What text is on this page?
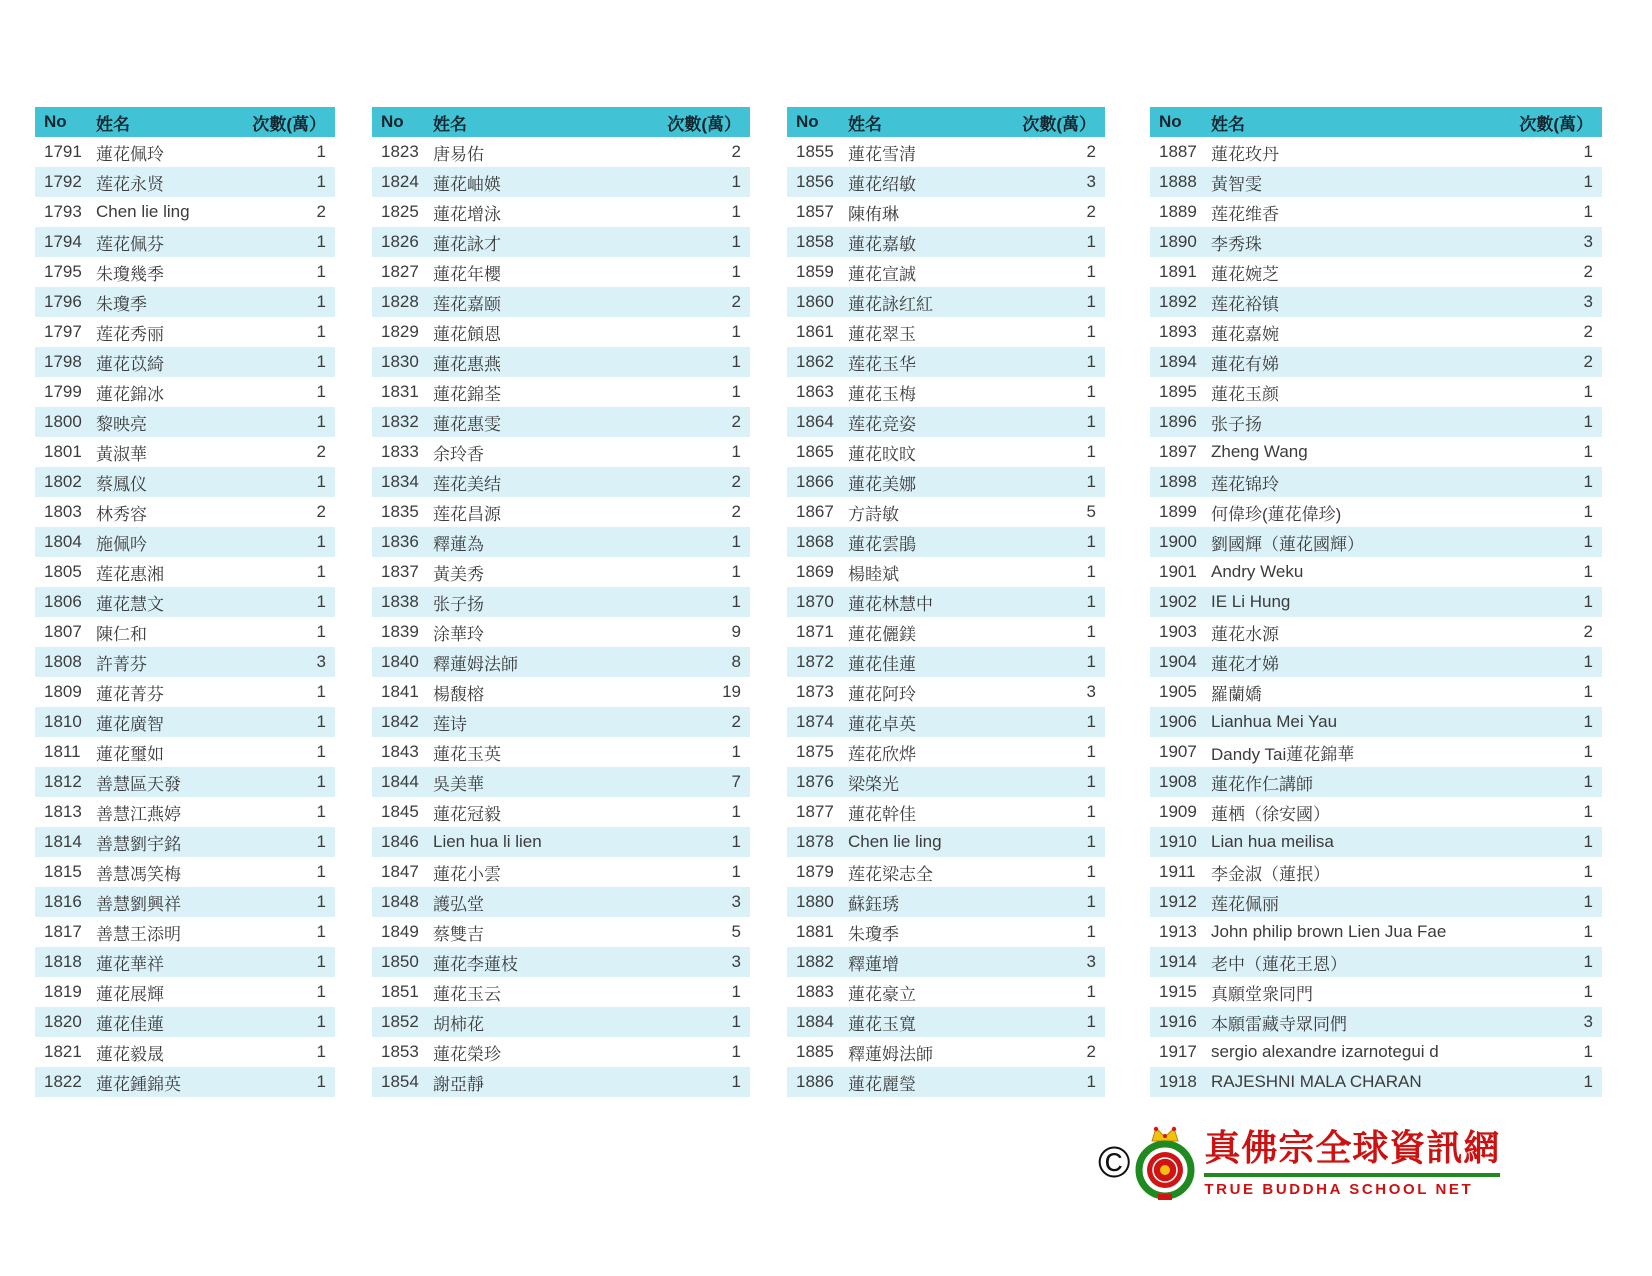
No	姓名	次數(萬）
1791 蓮花佩玲	1
1792 莲花永贤	1
1793 Chen lie ling	2
1794 莲花佩芬	1
1795 朱瓊幾季	1
1796 朱瓊季	1
1797 莲花秀丽	1
1798 蓮花苡綺	1
1799 蓮花錦冰	1
1800 黎映亮	1
1801 黃淑華	2
1802 蔡鳳仪	1
1803 林秀容	2
1804 施佩吟	1
1805 莲花惠湘	1
1806 蓮花慧文	1
1807 陳仁和	1
1808 許菁芬	3
1809 蓮花菁芬	1
1810 蓮花廣智	1
1811 蓮花璽如	1
1812 善慧區天發	1
1813 善慧江燕婷	1
1814 善慧劉宇銘	1
1815 善慧馮笑梅	1
1816 善慧劉興祥	1
1817 善慧王添明	1
1818 蓮花華祥	1
1819 蓮花展輝	1
1820 蓮花佳蓮	1
1821 蓮花毅晟	1
1822 蓮花鍾錦英	1
No	姓名	次數(萬）
1823 唐易佑	2
1824 蓮花岫媖	1
1825 蓮花增泳	1
1826 蓮花詠才	1
1827 蓮花年櫻	1
1828 莲花嘉颐	2
1829 蓮花頠恩	1
1830 蓮花惠燕	1
1831 蓮花錦荃	1
1832 蓮花惠雯	2
1833 余玲香	1
1834 莲花美结	2
1835 莲花昌源	2
1836 釋蓮為	1
1837 黃美秀	1
1838 张子扬	1
1839 涂華玲	9
1840 釋蓮姆法師	8
1841 楊馥榕	19
1842 莲诗	2
1843 蓮花玉英	1
1844 吳美華	7
1845 蓮花冠毅	1
1846 Lien hua li lien	1
1847 蓮花小雲	1
1848 護弘堂	3
1849 蔡雙吉	5
1850 蓮花李蓮枝	3
1851 蓮花玉云	1
1852 胡柿花	1
1853 蓮花榮珍	1
1854 謝亞靜	1
No	姓名	次數(萬）
1855 蓮花雪清	2
1856 蓮花绍敏	3
1857 陳侑琳	2
1858 蓮花嘉敏	1
1859 蓮花宣誠	1
1860 蓮花詠红紅	1
1861 蓮花翠玉	1
1862 莲花玉华	1
1863 蓮花玉梅	1
1864 莲花竞姿	1
1865 蓮花旼旼	1
1866 蓮花美娜	1
1867 方詩敏	5
1868 蓮花雲鵑	1
1869 楊睦斌	1
1870 蓮花林慧中	1
1871 蓮花儷鎂	1
1872 蓮花佳蓮	1
1873 蓮花阿玲	3
1874 蓮花卓英	1
1875 莲花欣烨	1
1876 梁棨光	1
1877 蓮花幹佳	1
1878 Chen lie ling	1
1879 莲花梁志全	1
1880 蘇鈺琇	1
1881 朱瓊季	1
1882 釋蓮增	3
1883 蓮花豪立	1
1884 蓮花玉寬	1
1885 釋蓮姆法師	2
1886 蓮花麗瑩	1
No	姓名	次數(萬）
1887 蓮花玫丹	1
1888 黃智雯	1
1889 莲花维香	1
1890 李秀珠	3
1891 蓮花婉芝	2
1892 莲花裕镇	3
1893 蓮花嘉婉	2
1894 蓮花有娣	2
1895 蓮花玉颜	1
1896 张子扬	1
1897 Zheng Wang	1
1898 莲花锦玲	1
1899 何偉珍(蓮花偉珍)	1
1900 劉國輝（蓮花國輝）	1
1901 Andry Weku	1
1902 IE Li Hung	1
1903 蓮花水源	2
1904 蓮花才娣	1
1905 羅蘭嬌	1
1906 Lianhua Mei Yau	1
1907 Dandy Tai蓮花錦華	1
1908 蓮花作仁講師	1
1909 蓮栖（徐安國）	1
1910 Lian hua meilisa	1
1911 李金淑（蓮抿）	1
1912 莲花佩丽	1
1913 John philip brown Lien Jua Fae	1
1914 老中（蓮花王恩）	1
1915 真願堂衆同門	1
1916 本願雷藏寺眾同們	3
1917 sergio alexandre izarnotegui d	1
1918 RAJESHNI MALA CHARAN	1
© 真佛宗全球資訊網
TRUE BUDDHA SCHOOL NET
